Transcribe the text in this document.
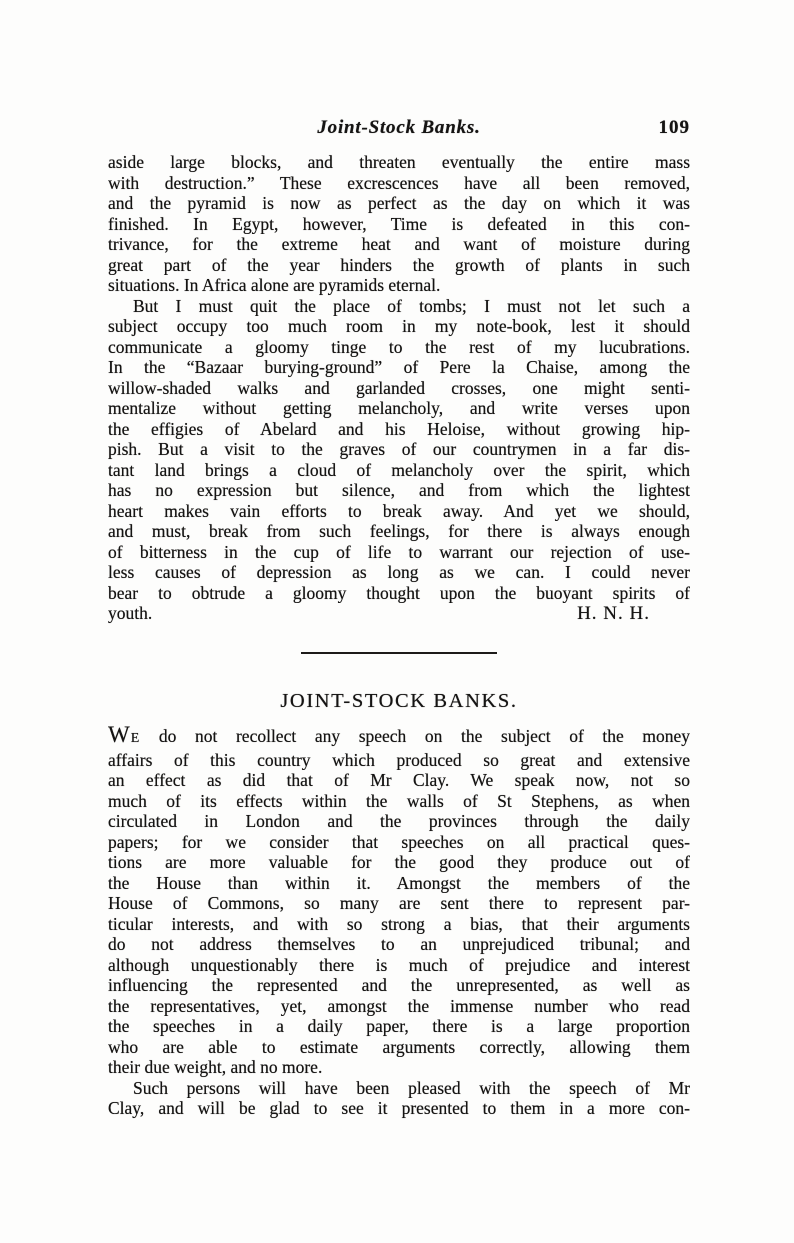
Joint-Stock Banks.	109
aside large blocks, and threaten eventually the entire mass
with destruction.” These excrescences have all been removed,
and the pyramid is now as perfect as the day on which it was
finished. In Egypt, however, Time is defeated in this con-
trivance, for the extreme heat and want of moisture during
great part of the year hinders the growth of plants in such
situations. In Africa alone are pyramids eternal.
But I must quit the place of tombs; I must not let such a
subject occupy too much room in my note-book, lest it should
communicate a gloomy tinge to the rest of my lucubrations.
In the “Bazaar burying-ground” of Pere la Chaise, among the
willow-shaded walks and garlanded crosses, one might senti-
mentalize without getting melancholy, and write verses upon
the effigies of Abelard and his Heloise, without growing hip-
pish. But a visit to the graves of our countrymen in a far dis-
tant land brings a cloud of melancholy over the spirit, which
has no expression but silence, and from which the lightest
heart makes vain efforts to break away. And yet we should,
and must, break from such feelings, for there is always enough
of bitterness in the cup of life to warrant our rejection of use-
less causes of depression as long as we can. I could never
bear to obtrude a gloomy thought upon the buoyant spirits of
youth.	H. N. H.
JOINT-STOCK BANKS.
WE do not recollect any speech on the subject of the money
affairs of this country which produced so great and extensive
an effect as did that of Mr Clay. We speak now, not so
much of its effects within the walls of St Stephens, as when
circulated in London and the provinces through the daily
papers; for we consider that speeches on all practical ques-
tions are more valuable for the good they produce out of
the House than within it. Amongst the members of the
House of Commons, so many are sent there to represent par-
ticular interests, and with so strong a bias, that their arguments
do not address themselves to an unprejudiced tribunal; and
although unquestionably there is much of prejudice and interest
influencing the represented and the unrepresented, as well as
the representatives, yet, amongst the immense number who read
the speeches in a daily paper, there is a large proportion
who are able to estimate arguments correctly, allowing them
their due weight, and no more.
Such persons will have been pleased with the speech of Mr
Clay, and will be glad to see it presented to them in a more con-
